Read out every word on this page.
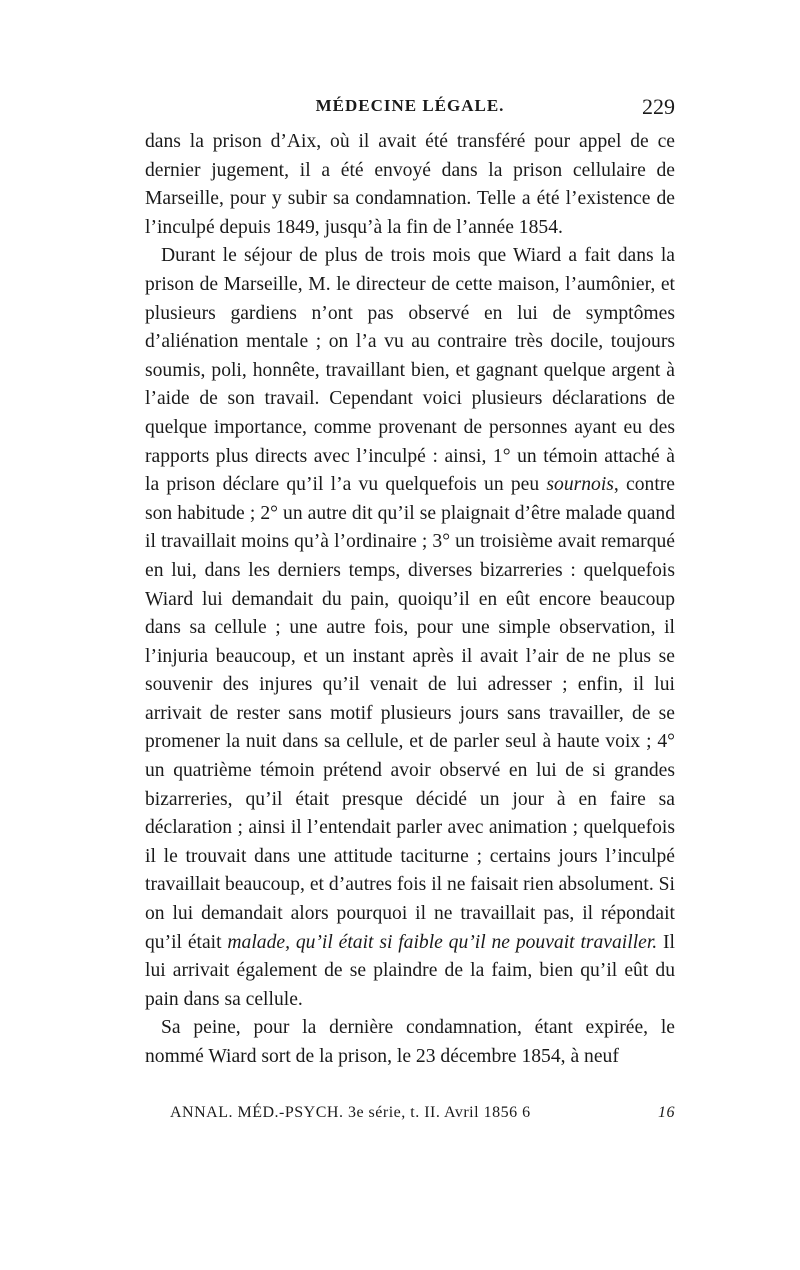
MÉDECINE LÉGALE.	229

dans la prison d’Aix, où il avait été transféré pour appel de ce dernier jugement, il a été envoyé dans la prison cellulaire de Marseille, pour y subir sa condamnation. Telle a été l’existence de l’inculpé depuis 1849, jusqu’à la fin de l’année 1854.

Durant le séjour de plus de trois mois que Wiard a fait dans la prison de Marseille, M. le directeur de cette maison, l’aumônier, et plusieurs gardiens n’ont pas observé en lui de symptômes d’aliénation mentale ; on l’a vu au contraire très docile, toujours soumis, poli, honnête, travaillant bien, et gagnant quelque argent à l’aide de son travail. Cependant voici plusieurs déclarations de quelque importance, comme provenant de personnes ayant eu des rapports plus directs avec l’inculpé : ainsi, 1° un témoin attaché à la prison déclare qu’il l’a vu quelquefois un peu sournois, contre son habitude ; 2° un autre dit qu’il se plaignait d’être malade quand il travaillait moins qu’à l’ordinaire ; 3° un troisième avait remarqué en lui, dans les derniers temps, diverses bizarreries : quelquefois Wiard lui demandait du pain, quoiqu’il en eût encore beaucoup dans sa cellule ; une autre fois, pour une simple observation, il l’injuria beaucoup, et un instant après il avait l’air de ne plus se souvenir des injures qu’il venait de lui adresser ; enfin, il lui arrivait de rester sans motif plusieurs jours sans travailler, de se promener la nuit dans sa cellule, et de parler seul à haute voix ; 4° un quatrième témoin prétend avoir observé en lui de si grandes bizarreries, qu’il était presque décidé un jour à en faire sa déclaration ; ainsi il l’entendait parler avec animation ; quelquefois il le trouvait dans une attitude taciturne ; certains jours l’inculpé travaillait beaucoup, et d’autres fois il ne faisait rien absolument. Si on lui demandait alors pourquoi il ne travaillait pas, il répondait qu’il était malade, qu’il était si faible qu’il ne pouvait travailler. Il lui arrivait également de se plaindre de la faim, bien qu’il eût du pain dans sa cellule.

Sa peine, pour la dernière condamnation, étant expirée, le nommé Wiard sort de la prison, le 23 décembre 1854, à neuf

ANNAL. MÉD.-PSYCH. 3e série, t. II. Avril 1856 6	16
